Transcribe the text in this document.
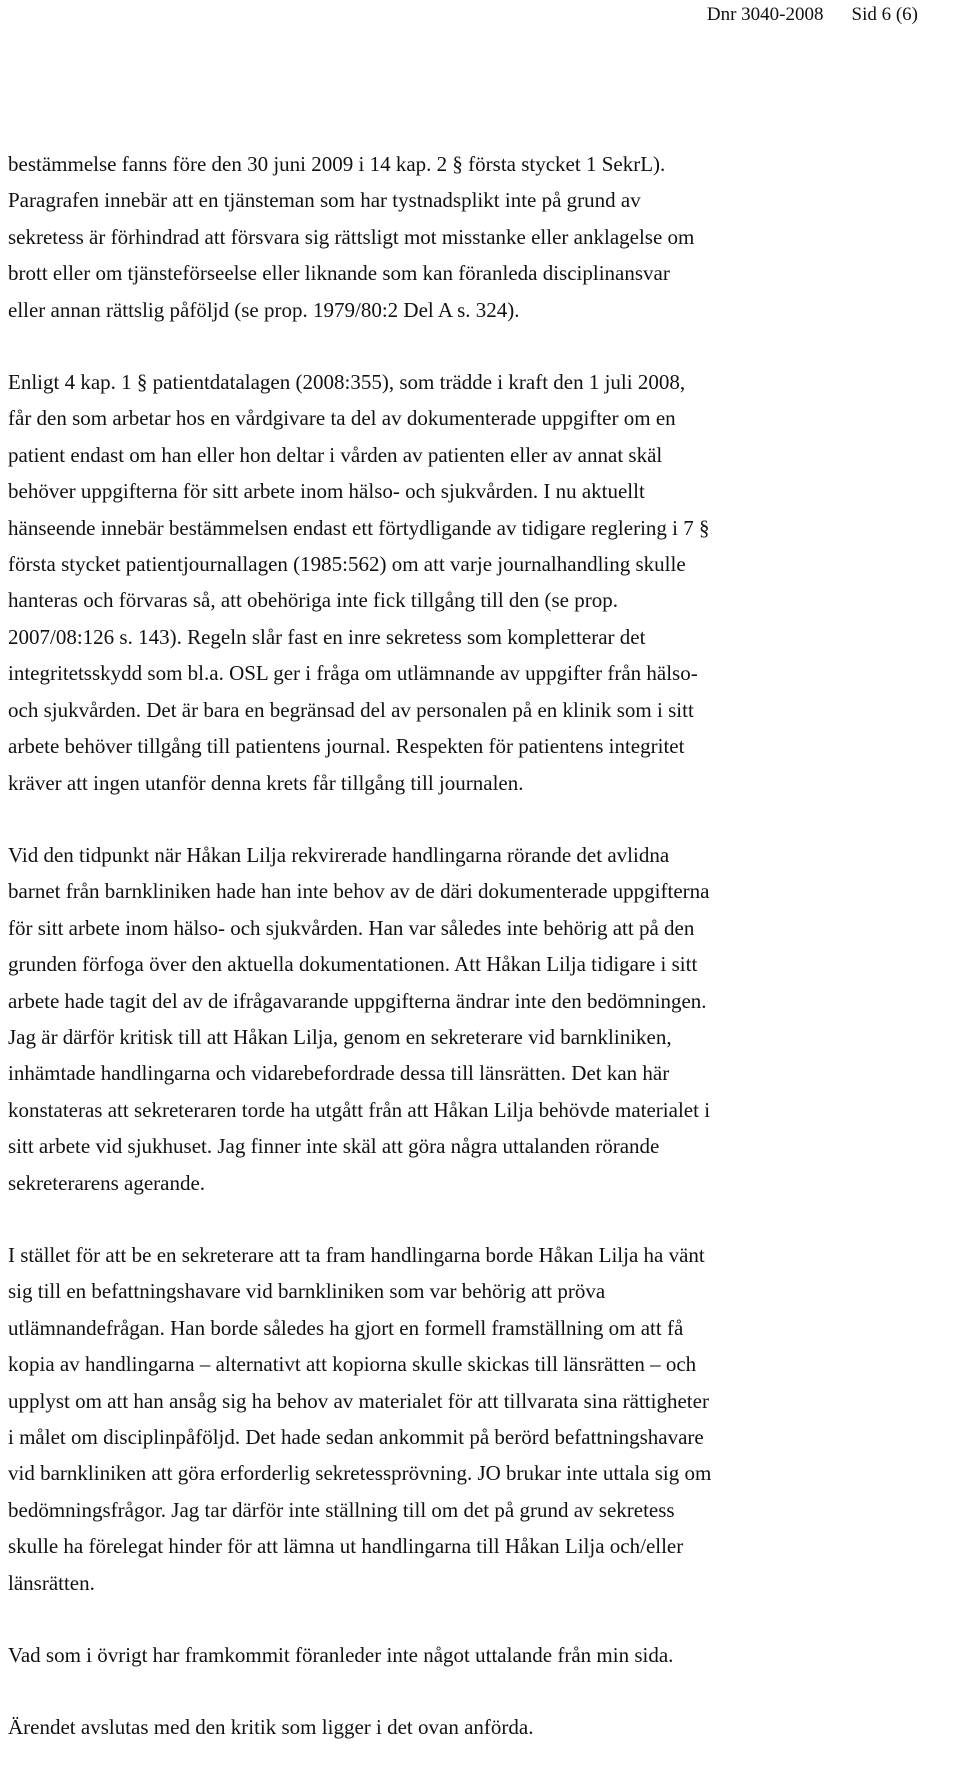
Dnr 3040-2008 Sid 6 (6)
bestämmelse fanns före den 30 juni 2009 i 14 kap. 2 § första stycket 1 SekrL).
Paragrafen innebär att en tjänsteman som har tystnadsplikt inte på grund av
sekretess är förhindrad att försvara sig rättsligt mot misstanke eller anklagelse om
brott eller om tjänsteförseelse eller liknande som kan föranleda disciplinansvar
eller annan rättslig påföljd (se prop. 1979/80:2 Del A s. 324).
Enligt 4 kap. 1 § patientdatalagen (2008:355), som trädde i kraft den 1 juli 2008,
får den som arbetar hos en vårdgivare ta del av dokumenterade uppgifter om en
patient endast om han eller hon deltar i vården av patienten eller av annat skäl
behöver uppgifterna för sitt arbete inom hälso- och sjukvården. I nu aktuellt
hänseende innebär bestämmelsen endast ett förtydligande av tidigare reglering i 7 §
första stycket patientjournallagen (1985:562) om att varje journalhandling skulle
hanteras och förvaras så, att obehöriga inte fick tillgång till den (se prop.
2007/08:126 s. 143). Regeln slår fast en inre sekretess som kompletterar det
integritetsskydd som bl.a. OSL ger i fråga om utlämnande av uppgifter från hälso-
och sjukvården. Det är bara en begränsad del av personalen på en klinik som i sitt
arbete behöver tillgång till patientens journal. Respekten för patientens integritet
kräver att ingen utanför denna krets får tillgång till journalen.
Vid den tidpunkt när Håkan Lilja rekvirerade handlingarna rörande det avlidna
barnet från barnkliniken hade han inte behov av de däri dokumenterade uppgifterna
för sitt arbete inom hälso- och sjukvården. Han var således inte behörig att på den
grunden förfoga över den aktuella dokumentationen. Att Håkan Lilja tidigare i sitt
arbete hade tagit del av de ifrågavarande uppgifterna ändrar inte den bedömningen.
Jag är därför kritisk till att Håkan Lilja, genom en sekreterare vid barnkliniken,
inhämtade handlingarna och vidarebefordrade dessa till länsrätten. Det kan här
konstateras att sekreteraren torde ha utgått från att Håkan Lilja behövde materialet i
sitt arbete vid sjukhuset. Jag finner inte skäl att göra några uttalanden rörande
sekreterarens agerande.
I stället för att be en sekreterare att ta fram handlingarna borde Håkan Lilja ha vänt
sig till en befattningshavare vid barnkliniken som var behörig att pröva
utlämnandefrågan. Han borde således ha gjort en formell framställning om att få
kopia av handlingarna – alternativt att kopiorna skulle skickas till länsrätten – och
upplyst om att han ansåg sig ha behov av materialet för att tillvarata sina rättigheter
i målet om disciplinpåföljd. Det hade sedan ankommit på berörd befattningshavare
vid barnkliniken att göra erforderlig sekretessprövning. JO brukar inte uttala sig om
bedömningsfrågor. Jag tar därför inte ställning till om det på grund av sekretess
skulle ha förelegat hinder för att lämna ut handlingarna till Håkan Lilja och/eller
länsrätten.
Vad som i övrigt har framkommit föranleder inte något uttalande från min sida.
Ärendet avslutas med den kritik som ligger i det ovan anförda.
